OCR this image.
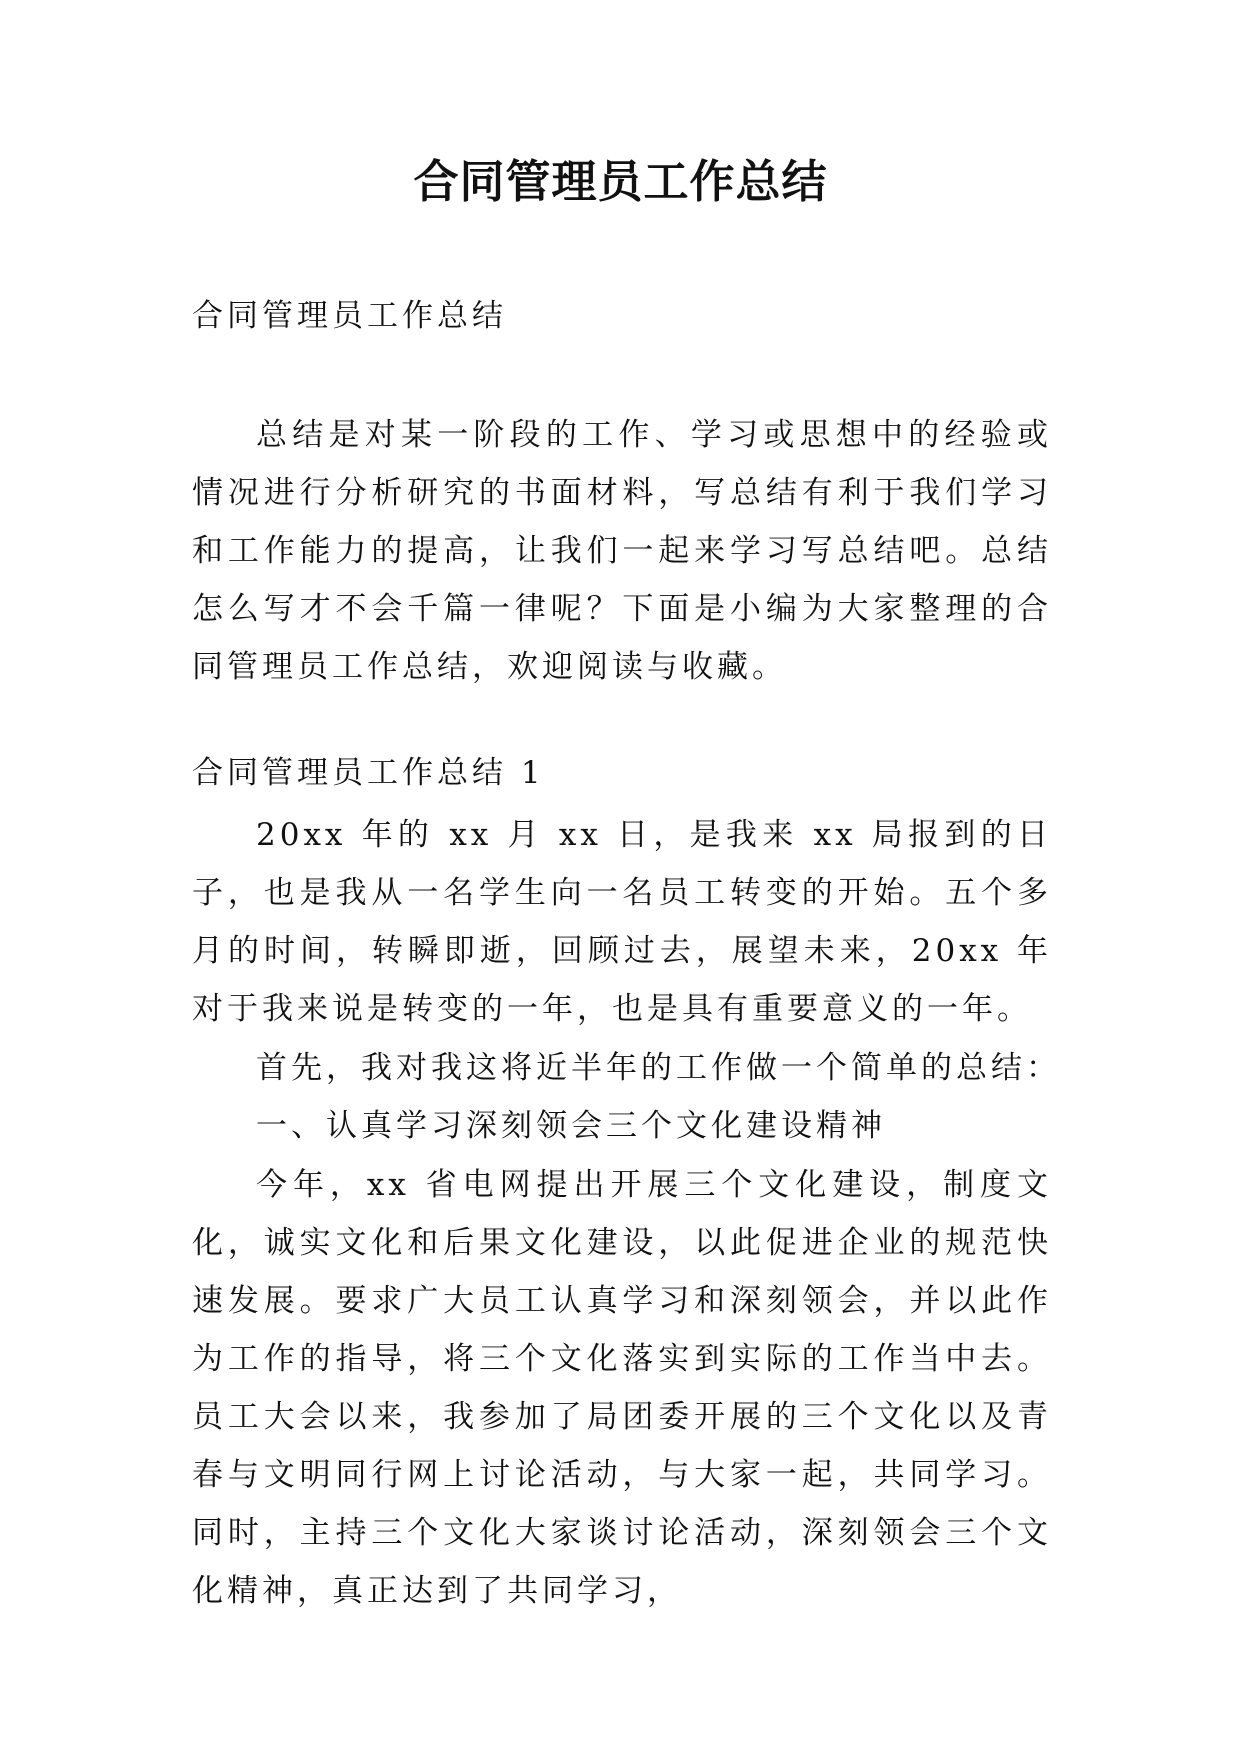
合同管理员工作总结
合同管理员工作总结
总结是对某一阶段的工作、学习或思想中的经验或情况进行分析研究的书面材料，写总结有利于我们学习和工作能力的提高，让我们一起来学习写总结吧。总结怎么写才不会千篇一律呢？下面是小编为大家整理的合同管理员工作总结，欢迎阅读与收藏。
合同管理员工作总结 1
20xx 年的 xx 月 xx 日，是我来 xx 局报到的日子，也是我从一名学生向一名员工转变的开始。五个多月的时间，转瞬即逝，回顾过去，展望未来，20xx 年对于我来说是转变的一年，也是具有重要意义的一年。
首先，我对我这将近半年的工作做一个简单的总结：
一、认真学习深刻领会三个文化建设精神
今年，xx 省电网提出开展三个文化建设，制度文化，诚实文化和后果文化建设，以此促进企业的规范快速发展。要求广大员工认真学习和深刻领会，并以此作为工作的指导，将三个文化落实到实际的工作当中去。员工大会以来，我参加了局团委开展的三个文化以及青春与文明同行网上讨论活动，与大家一起，共同学习。同时，主持三个文化大家谈讨论活动，深刻领会三个文化精神，真正达到了共同学习，
